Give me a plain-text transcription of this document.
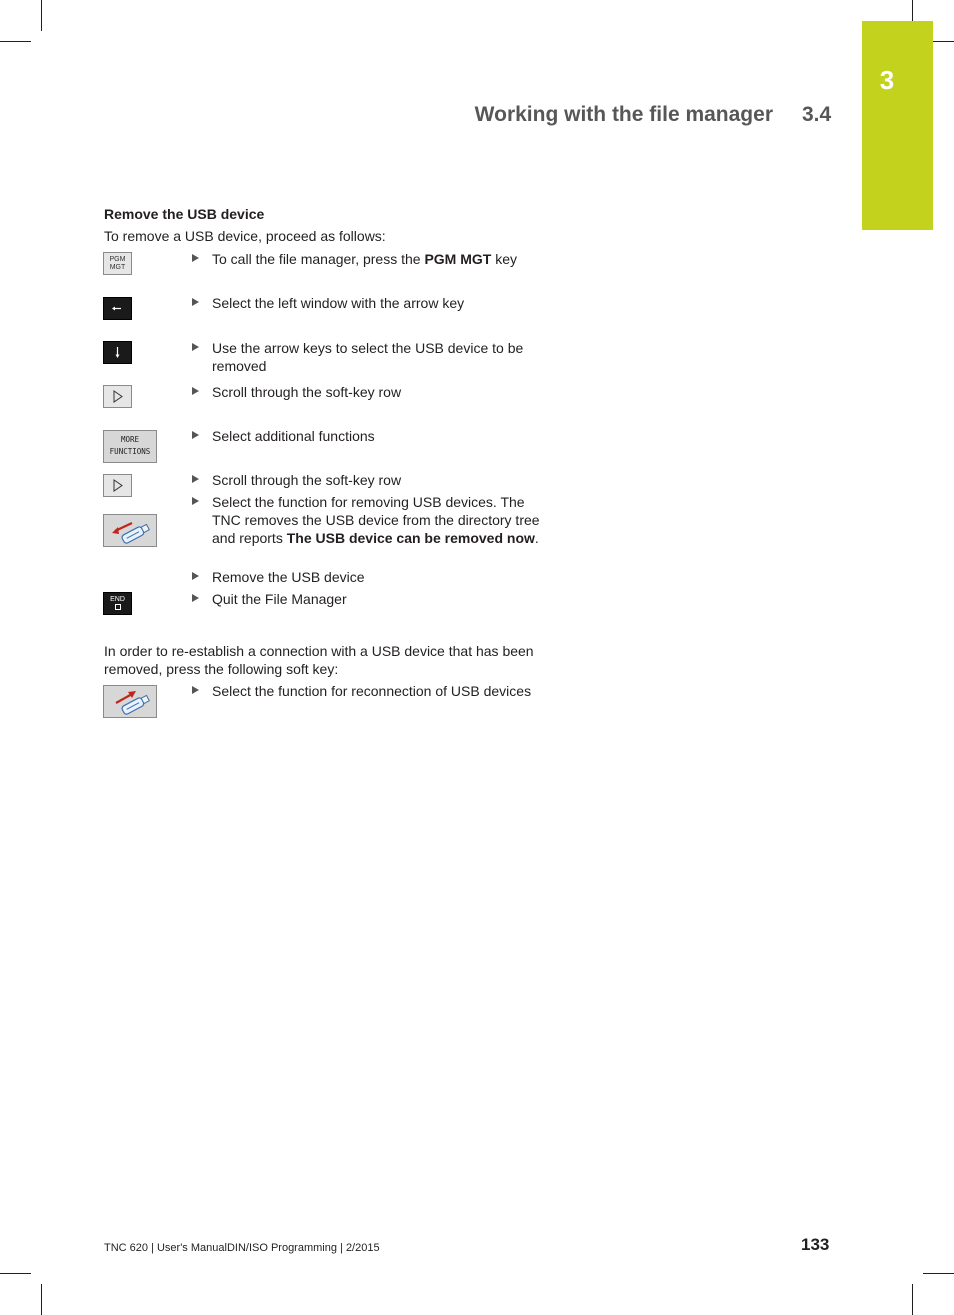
3
Working with the file manager 3.4
Remove the USB device
To remove a USB device, proceed as follows:
PGM
MGT
To call the file manager, press the PGM MGT key
Select the left window with the arrow key
Use the arrow keys to select the USB device to be removed
Scroll through the soft-key row
MORE
FUNCTIONS
Select additional functions
Scroll through the soft-key row
Select the function for removing USB devices. The TNC removes the USB device from the directory tree and reports The USB device can be removed now.
Remove the USB device
END	Quit the File Manager
In order to re-establish a connection with a USB device that has been removed, press the following soft key:
Select the function for reconnection of USB devices
TNC 620 | User's ManualDIN/ISO Programming | 2/2015	133
